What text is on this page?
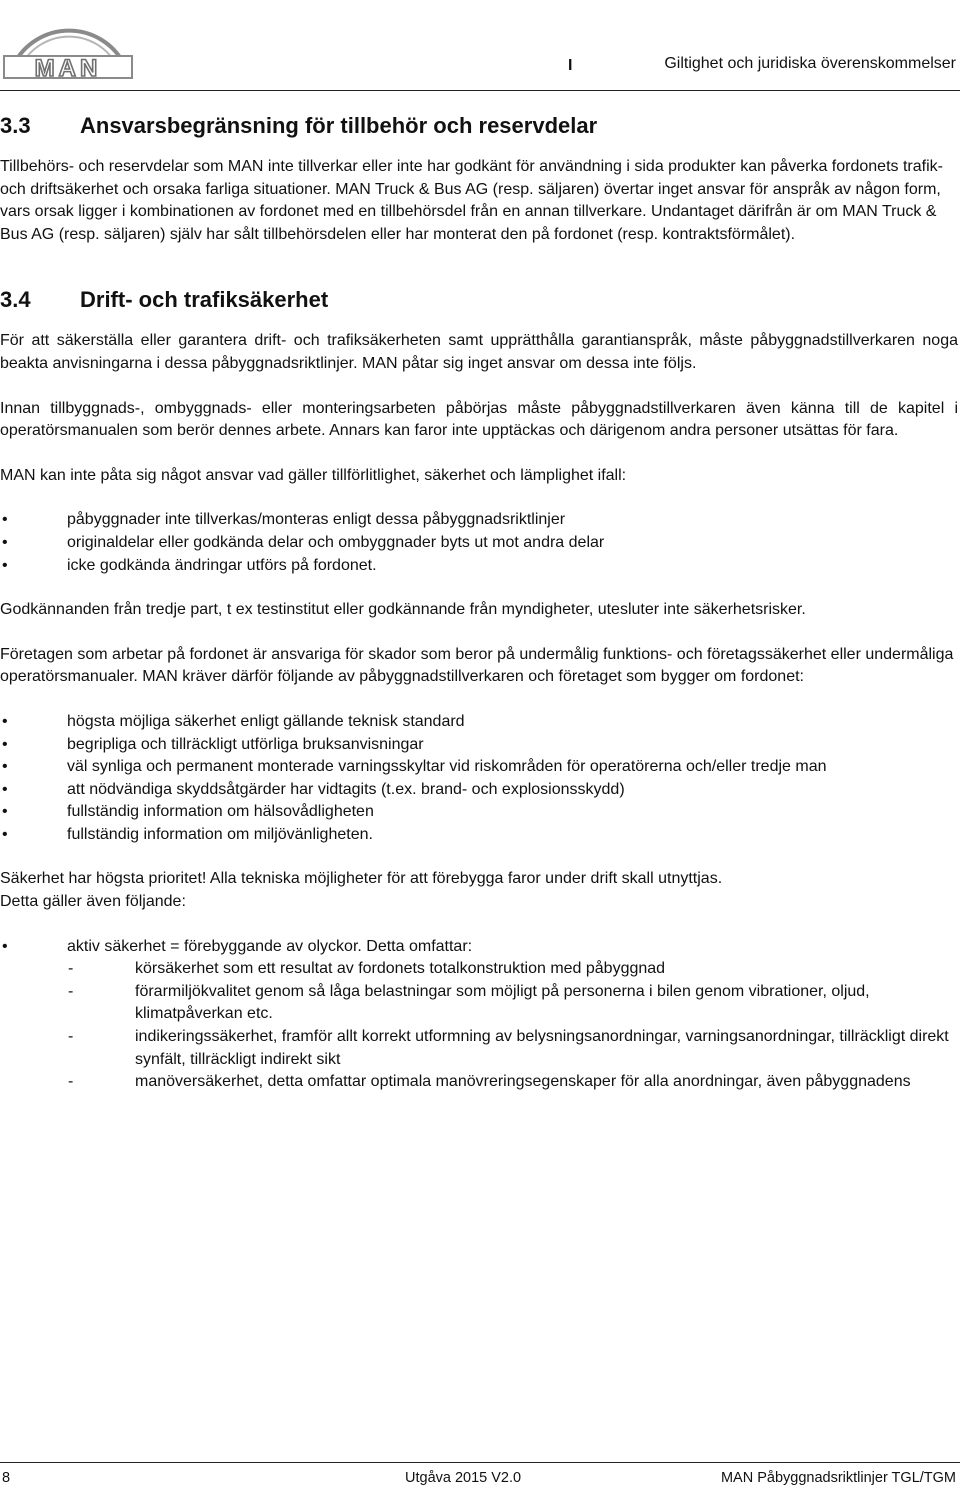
MAN	I	Giltighet och juridiska överenskommelser
3.3	Ansvarsbegränsning för tillbehör och reservdelar

Tillbehörs- och reservdelar som MAN inte tillverkar eller inte har godkänt för användning i sida produkter kan påverka fordonets trafik- och driftsäkerhet och orsaka farliga situationer. MAN Truck & Bus AG (resp. säljaren) övertar inget ansvar för anspråk av någon form, vars orsak ligger i kombinationen av fordonet med en tillbehörsdel från en annan tillverkare. Undantaget därifrån är om MAN Truck & Bus AG (resp. säljaren) själv har sålt tillbehörsdelen eller har monterat den på fordonet (resp. kontraktsförmålet).

3.4	Drift- och trafiksäkerhet

För att säkerställa eller garantera drift- och trafiksäkerheten samt upprätthålla garantianspråk, måste påbyggnadstillverkaren noga beakta anvisningarna i dessa påbyggnadsriktlinjer. MAN påtar sig inget ansvar om dessa inte följs.

Innan tillbyggnads-, ombyggnads- eller monteringsarbeten påbörjas måste påbyggnadstillverkaren även känna till de kapitel i operatörsmanualen som berör dennes arbete. Annars kan faror inte upptäckas och därigenom andra personer utsättas för fara.

MAN kan inte påta sig något ansvar vad gäller tillförlitlighet, säkerhet och lämplighet ifall:

•	påbyggnader inte tillverkas/monteras enligt dessa påbyggnadsriktlinjer
•	originaldelar eller godkända delar och ombyggnader byts ut mot andra delar
•	icke godkända ändringar utförs på fordonet.

Godkännanden från tredje part, t ex testinstitut eller godkännande från myndigheter, utesluter inte säkerhetsrisker.

Företagen som arbetar på fordonet är ansvariga för skador som beror på undermålig funktions- och företagssäkerhet eller undermåliga operatörsmanualer. MAN kräver därför följande av påbyggnadstillverkaren och företaget som bygger om fordonet:

•	högsta möjliga säkerhet enligt gällande teknisk standard
•	begripliga och tillräckligt utförliga bruksanvisningar
•	väl synliga och permanent monterade varningsskyltar vid riskområden för operatörerna och/eller tredje man
•	att nödvändiga skyddsåtgärder har vidtagits (t.ex. brand- och explosionsskydd)
•	fullständig information om hälsovådligheten
•	fullständig information om miljövänligheten.

Säkerhet har högsta prioritet! Alla tekniska möjligheter för att förebygga faror under drift skall utnyttjas.
Detta gäller även följande:

•	aktiv säkerhet = förebyggande av olyckor. Detta omfattar:
-	körsäkerhet som ett resultat av fordonets totalkonstruktion med påbyggnad
-	förarmiljökvalitet genom så låga belastningar som möjligt på personerna i bilen genom vibrationer, oljud, klimatpåverkan etc.
-	indikeringssäkerhet, framför allt korrekt utformning av belysningsanordningar, varningsanordningar, tillräckligt direkt synfält, tillräckligt indirekt sikt
-	manöversäkerhet, detta omfattar optimala manövreringsegenskaper för alla anordningar, även påbyggnadens
8	Utgåva 2015 V2.0	MAN Påbyggnadsriktlinjer TGL/TGM
